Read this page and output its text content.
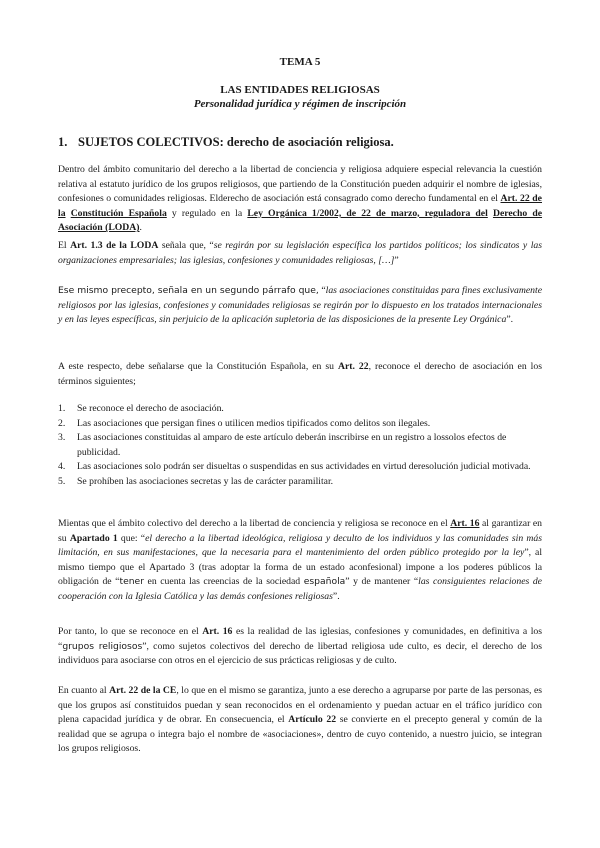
TEMA 5

LAS ENTIDADES RELIGIOSAS

Personalidad jurídica y régimen de inscripción

1. SUJETOS COLECTIVOS: derecho de asociación religiosa.

Dentro del ámbito comunitario del derecho a la libertad de conciencia y religiosa adquiere especial relevancia la cuestión relativa al estatuto jurídico de los grupos religiosos, que partiendo de la Constitución pueden adquirir el nombre de iglesias, confesiones o comunidades religiosas. Elderecho de asociación está consagrado como derecho fundamental en el Art. 22 de la Constitución Española y regulado en la Ley Orgánica 1/2002, de 22 de marzo, reguladora del Derecho de Asociación (LODA).

El Art. 1.3 de la LODA señala que, “se regirán por su legislación específica los partidos políticos; los sindicatos y las organizaciones empresariales; las iglesias, confesiones y comunidades religiosas, […]”

Ese mismo precepto, señala en un segundo párrafo que, “las asociaciones constituidas para fines exclusivamente religiosos por las iglesias, confesiones y comunidades religiosas se regirán por lo dispuesto en los tratados internacionales y en las leyes específicas, sin perjuicio de la aplicación supletoria de las disposiciones de la presente Ley Orgánica”.

A este respecto, debe señalarse que la Constitución Española, en su Art. 22, reconoce el derecho de asociación en los términos siguientes;

1. Se reconoce el derecho de asociación.
2. Las asociaciones que persigan fines o utilicen medios tipificados como delitos son ilegales.
3. Las asociaciones constituidas al amparo de este artículo deberán inscribirse en un registro a lossolos efectos de publicidad.
4. Las asociaciones solo podrán ser disueltas o suspendidas en sus actividades en virtud deresolución judicial motivada.
5. Se prohíben las asociaciones secretas y las de carácter paramilitar.

Mientas que el ámbito colectivo del derecho a la libertad de conciencia y religiosa se reconoce en el Art. 16 al garantizar en su Apartado 1 que: “el derecho a la libertad ideológica, religiosa y deculto de los individuos y las comunidades sin más limitación, en sus manifestaciones, que la necesaria para el mantenimiento del orden público protegido por la ley”, al mismo tiempo que el Apartado 3 (tras adoptar la forma de un estado aconfesional) impone a los poderes públicos la obligación de “tener en cuenta las creencias de la sociedad española” y de mantener “las consiguientes relaciones de cooperación con la Iglesia Católica y las demás confesiones religiosas”.

Por tanto, lo que se reconoce en el Art. 16 es la realidad de las iglesias, confesiones y comunidades, en definitiva a los “grupos religiosos”, como sujetos colectivos del derecho de libertad religiosa ude culto, es decir, el derecho de los individuos para asociarse con otros en el ejercicio de sus prácticas religiosas y de culto.

En cuanto al Art. 22 de la CE, lo que en el mismo se garantiza, junto a ese derecho a agruparse por parte de las personas, es que los grupos así constituidos puedan y sean reconocidos en el ordenamiento y puedan actuar en el tráfico jurídico con plena capacidad jurídica y de obrar. En consecuencia, el Artículo 22 se convierte en el precepto general y común de la realidad que se agrupa o integra bajo el nombre de «asociaciones», dentro de cuyo contenido, a nuestro juicio, se integran los grupos religiosos.
